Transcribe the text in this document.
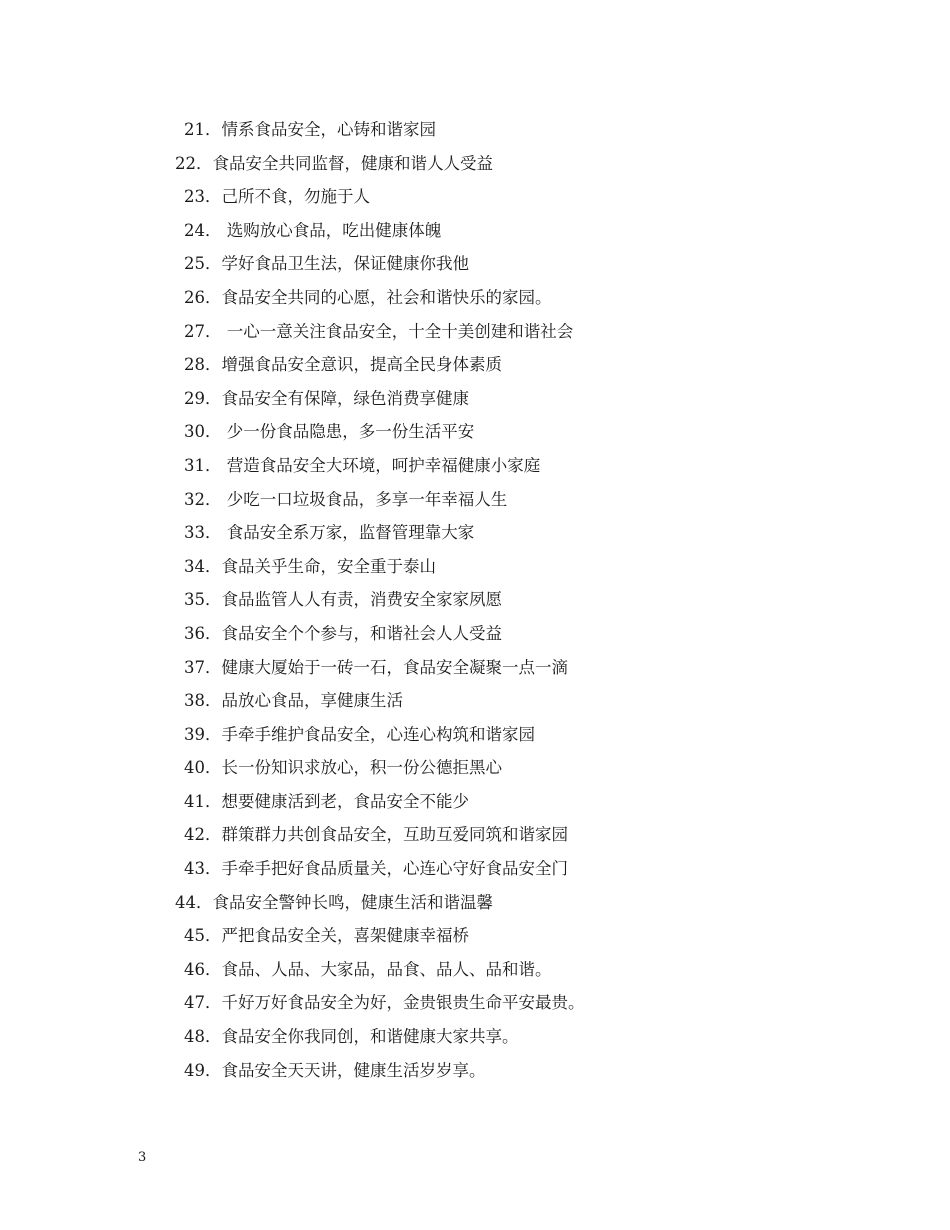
21．情系食品安全，心铸和谐家园
22．食品安全共同监督，健康和谐人人受益
23．己所不食，勿施于人
24． 选购放心食品，吃出健康体魄
25．学好食品卫生法，保证健康你我他
26．食品安全共同的心愿，社会和谐快乐的家园。
27． 一心一意关注食品安全，十全十美创建和谐社会
28．增强食品安全意识，提高全民身体素质
29．食品安全有保障，绿色消费享健康
30． 少一份食品隐患，多一份生活平安
31． 营造食品安全大环境，呵护幸福健康小家庭
32． 少吃一口垃圾食品，多享一年幸福人生
33． 食品安全系万家，监督管理靠大家
34．食品关乎生命，安全重于泰山
35．食品监管人人有责，消费安全家家夙愿
36．食品安全个个参与，和谐社会人人受益
37．健康大厦始于一砖一石，食品安全凝聚一点一滴
38．品放心食品，享健康生活
39．手牵手维护食品安全，心连心构筑和谐家园
40．长一份知识求放心，积一份公德拒黑心
41．想要健康活到老，食品安全不能少
42．群策群力共创食品安全，互助互爱同筑和谐家园
43．手牵手把好食品质量关，心连心守好食品安全门
44．食品安全警钟长鸣，健康生活和谐温馨
45．严把食品安全关，喜架健康幸福桥
46．食品、人品、大家品，品食、品人、品和谐。
47．千好万好食品安全为好，金贵银贵生命平安最贵。
48．食品安全你我同创，和谐健康大家共享。
49．食品安全天天讲，健康生活岁岁享。
3
